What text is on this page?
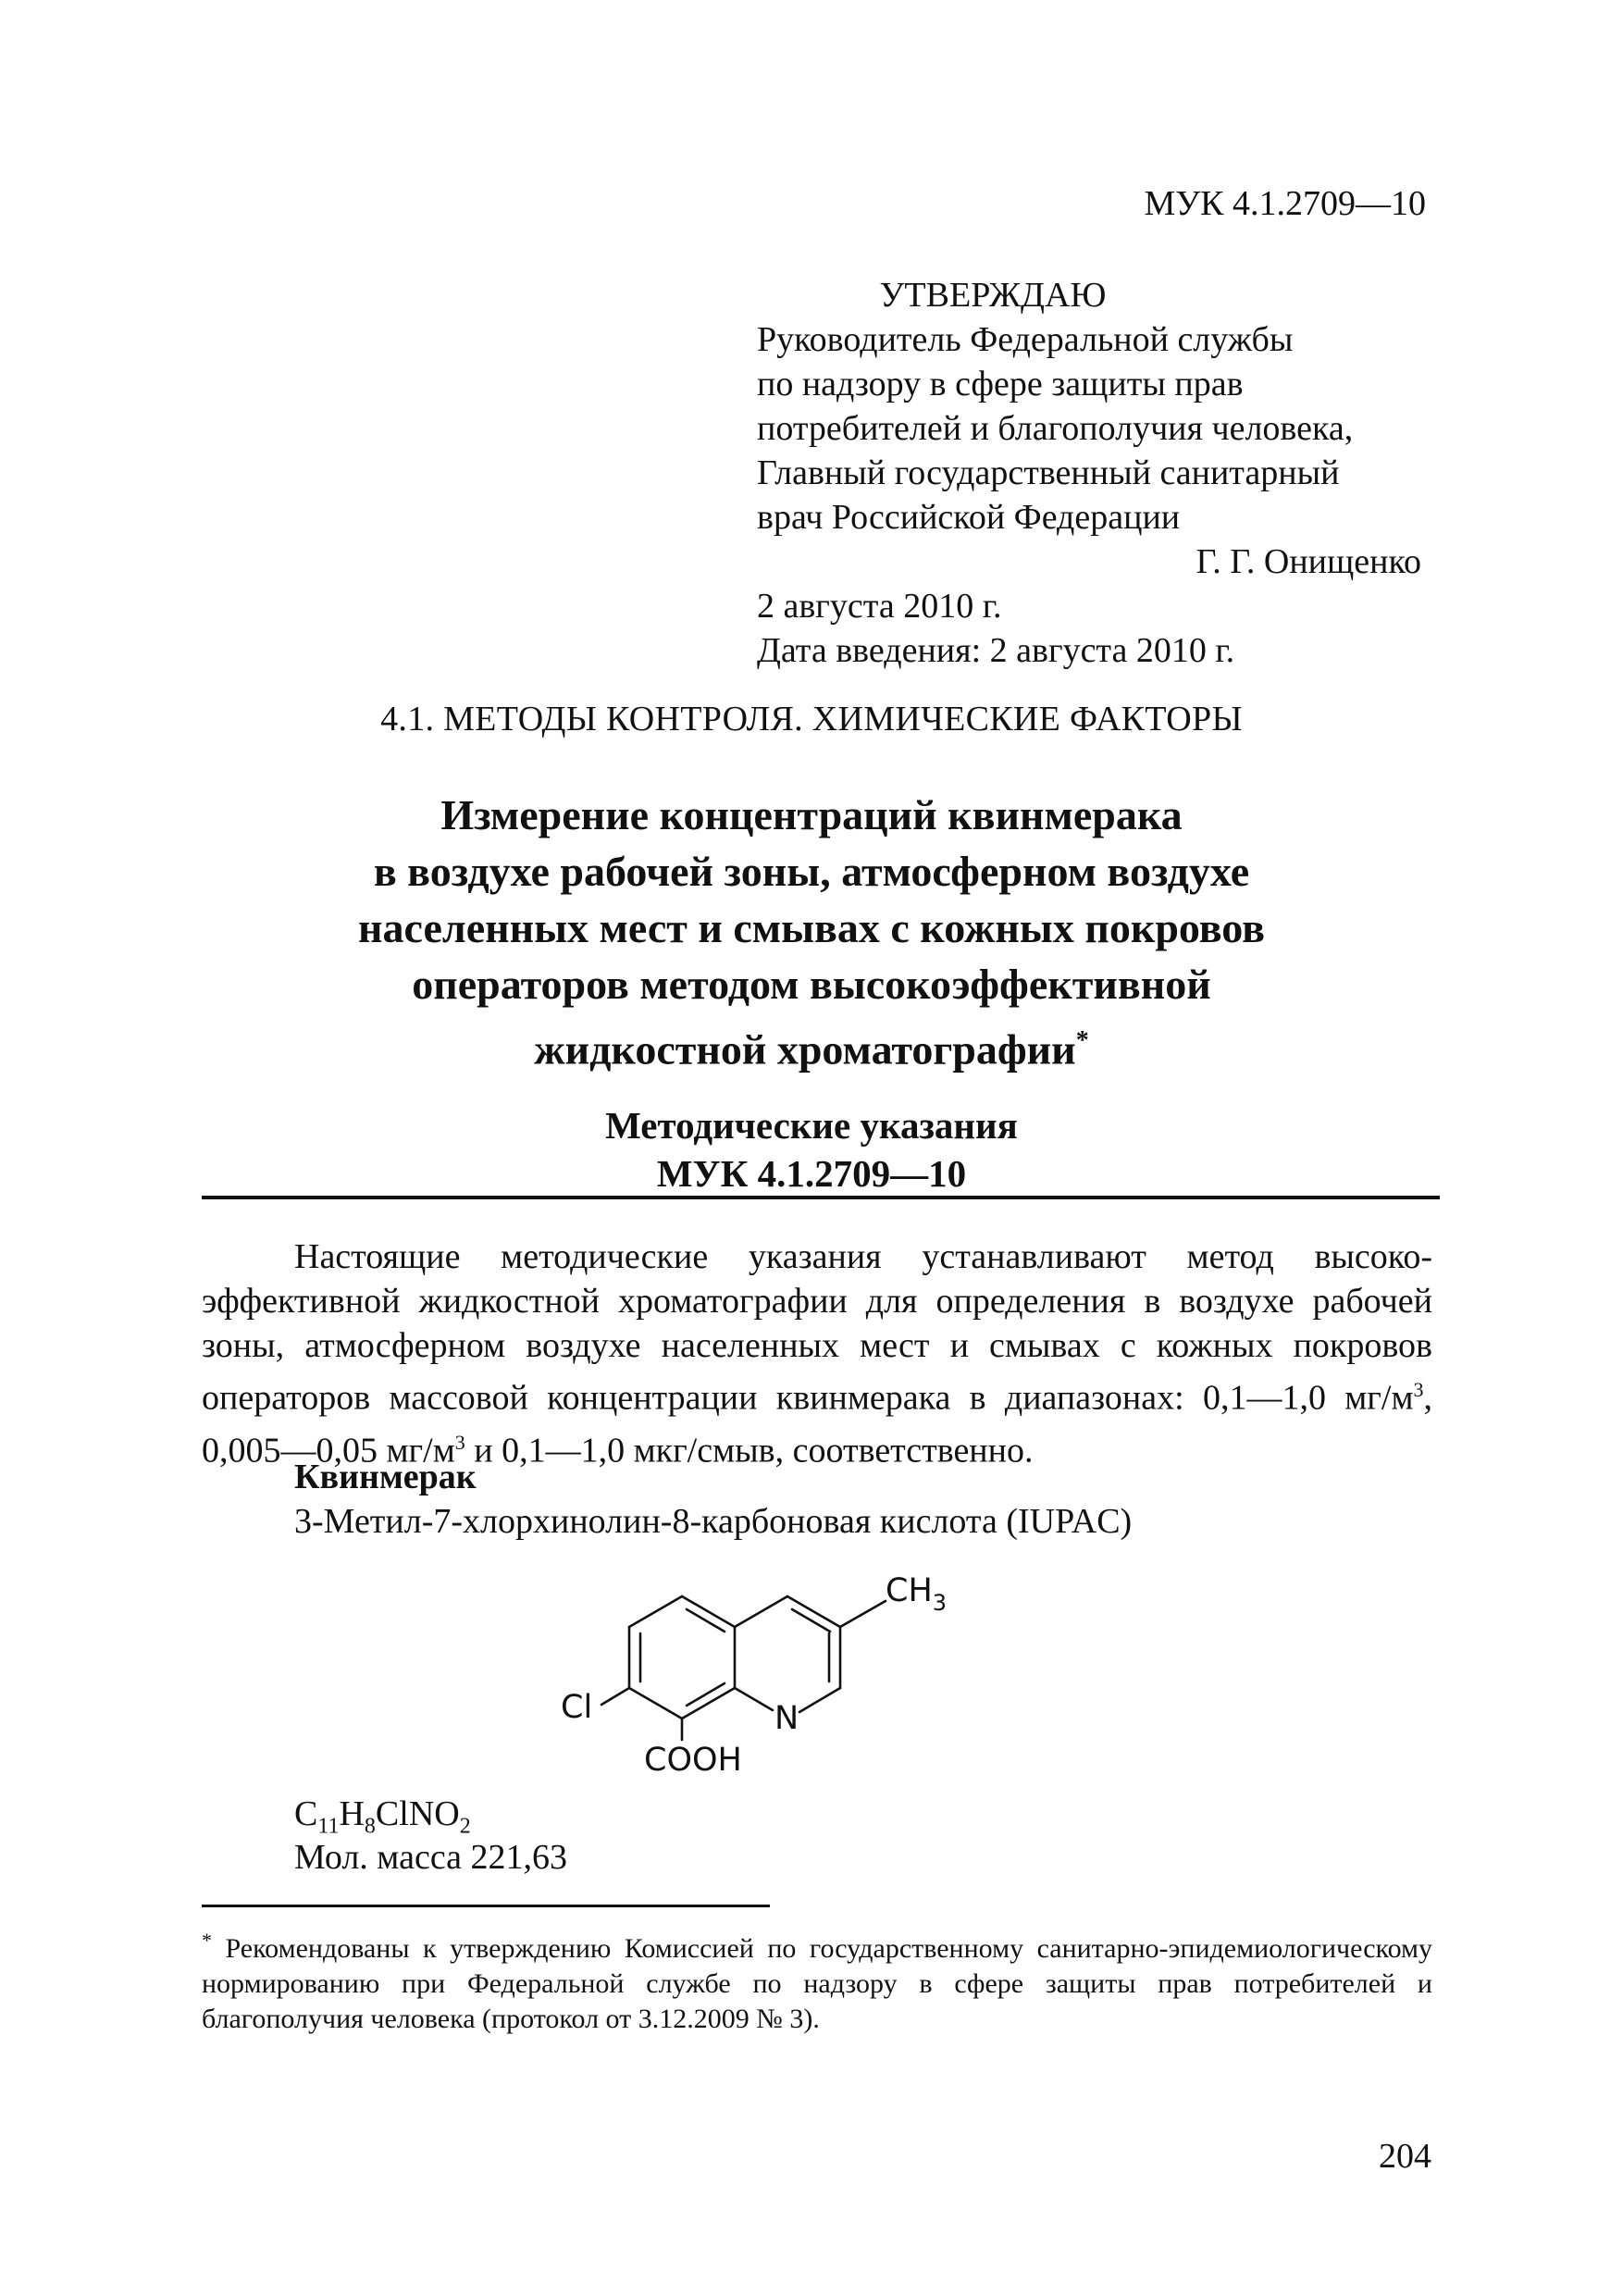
МУК 4.1.2709—10
УТВЕРЖДАЮ
Руководитель Федеральной службы
по надзору в сфере защиты прав
потребителей и благополучия человека,
Главный государственный санитарный
врач Российской Федерации
Г. Г. Онищенко
2 августа 2010 г.
Дата введения: 2 августа 2010 г.
4.1. МЕТОДЫ КОНТРОЛЯ. ХИМИЧЕСКИЕ ФАКТОРЫ
Измерение концентраций квинмерака
в воздухе рабочей зоны, атмосферном воздухе
населенных мест и смывах с кожных покровов
операторов методом высокоэффективной
жидкостной хроматографии*
Методические указания
МУК 4.1.2709—10
Настоящие методические указания устанавливают метод высокоэффективной жидкостной хроматографии для определения в воздухе рабочей зоны, атмосферном воздухе населенных мест и смывах с кожных покровов операторов массовой концентрации квинмерака в диапазонах: 0,1—1,0 $мг/м^3$, 0,005—0,05 $мг/м^3$ и 0,1—1,0 мкг/смыв, соответственно.
Квинмерак
3-Метил-7-хлорхинолин-8-карбоновая кислота (IUPAC)
$CH_3$
Cl	N
COOH
$C_{11}H_8ClNO_2$
Мол. масса 221,63
* Рекомендованы к утверждению Комиссией по государственному санитарно-эпидемиологическому нормированию при Федеральной службе по надзору в сфере защиты прав потребителей и благополучия человека (протокол от 3.12.2009 № 3).
204
